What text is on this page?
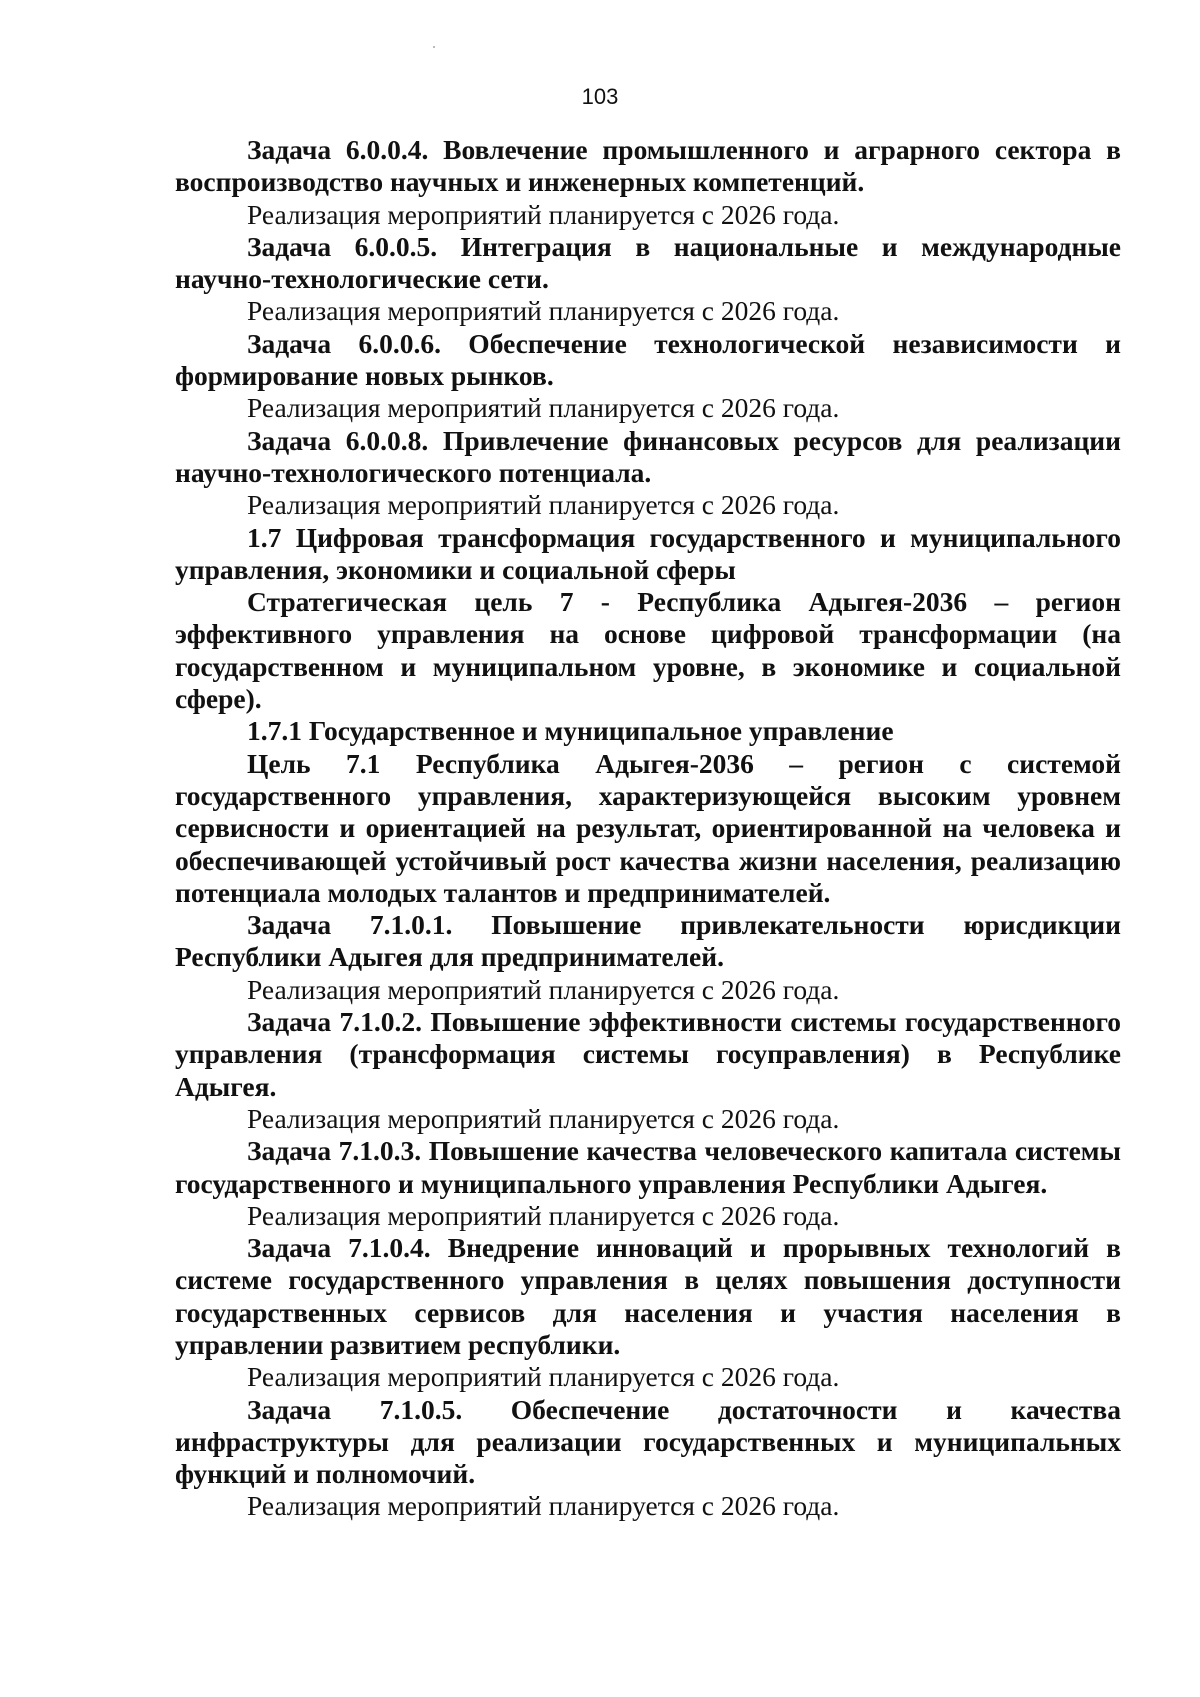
103

Задача 6.0.0.4. Вовлечение промышленного и аграрного сектора в воспроизводство научных и инженерных компетенций.

Реализация мероприятий планируется с 2026 года.

Задача 6.0.0.5. Интеграция в национальные и международные научно-технологические сети.

Реализация мероприятий планируется с 2026 года.

Задача 6.0.0.6. Обеспечение технологической независимости и формирование новых рынков.

Реализация мероприятий планируется с 2026 года.

Задача 6.0.0.8. Привлечение финансовых ресурсов для реализации научно-технологического потенциала.

Реализация мероприятий планируется с 2026 года.

1.7 Цифровая трансформация государственного и муниципального управления, экономики и социальной сферы

Стратегическая цель 7 - Республика Адыгея-2036 – регион эффективного управления на основе цифровой трансформации (на государственном и муниципальном уровне, в экономике и социальной сфере).

1.7.1 Государственное и муниципальное управление

Цель 7.1 Республика Адыгея-2036 – регион с системой государственного управления, характеризующейся высоким уровнем сервисности и ориентацией на результат, ориентированной на человека и обеспечивающей устойчивый рост качества жизни населения, реализацию потенциала молодых талантов и предпринимателей.

Задача 7.1.0.1. Повышение привлекательности юрисдикции Республики Адыгея для предпринимателей.

Реализация мероприятий планируется с 2026 года.

Задача 7.1.0.2. Повышение эффективности системы государственного управления (трансформация системы госуправления) в Республике Адыгея.

Реализация мероприятий планируется с 2026 года.

Задача 7.1.0.3. Повышение качества человеческого капитала системы государственного и муниципального управления Республики Адыгея.

Реализация мероприятий планируется с 2026 года.

Задача 7.1.0.4. Внедрение инноваций и прорывных технологий в системе государственного управления в целях повышения доступности государственных сервисов для населения и участия населения в управлении развитием республики.

Реализация мероприятий планируется с 2026 года.

Задача 7.1.0.5. Обеспечение достаточности и качества инфраструктуры для реализации государственных и муниципальных функций и полномочий.

Реализация мероприятий планируется с 2026 года.
